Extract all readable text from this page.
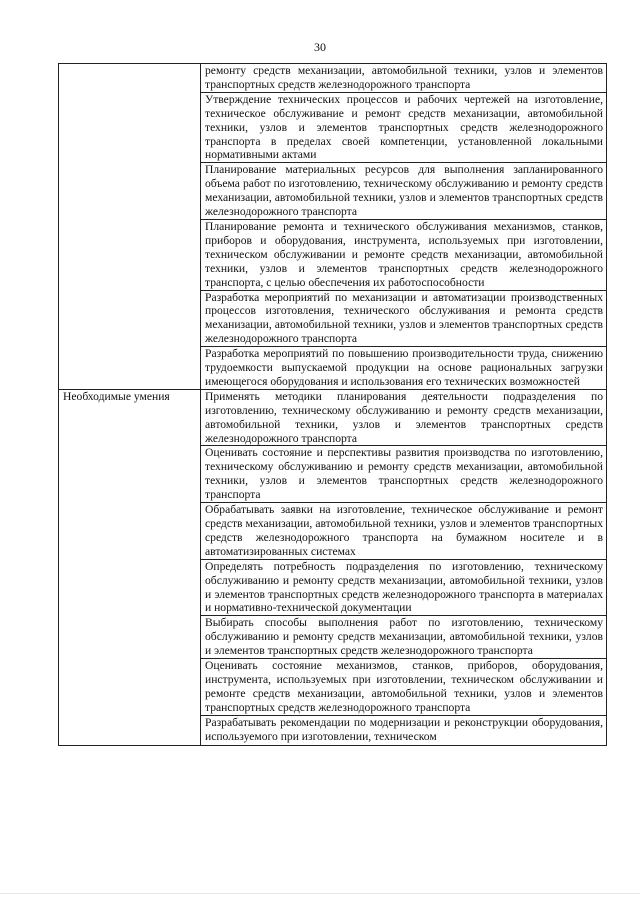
30
	ремонту средств механизации, автомобильной техники, узлов и элементов транспортных средств железнодорожного транспорта
	Утверждение технических процессов и рабочих чертежей на изготовление, техническое обслуживание и ремонт средств механизации, автомобильной техники, узлов и элементов транспортных средств железнодорожного транспорта в пределах своей компетенции, установленной локальными нормативными актами
	Планирование материальных ресурсов для выполнения запланированного объема работ по изготовлению, техническому обслуживанию и ремонту средств механизации, автомобильной техники, узлов и элементов транспортных средств железнодорожного транспорта
	Планирование ремонта и технического обслуживания механизмов, станков, приборов и оборудования, инструмента, используемых при изготовлении, техническом обслуживании и ремонте средств механизации, автомобильной техники, узлов и элементов транспортных средств железнодорожного транспорта, с целью обеспечения их работоспособности
	Разработка мероприятий по механизации и автоматизации производственных процессов изготовления, технического обслуживания и ремонта средств механизации, автомобильной техники, узлов и элементов транспортных средств железнодорожного транспорта
	Разработка мероприятий по повышению производительности труда, снижению трудоемкости выпускаемой продукции на основе рациональных загрузки имеющегося оборудования и использования его технических возможностей
Необходимые умения	Применять методики планирования деятельности подразделения по изготовлению, техническому обслуживанию и ремонту средств механизации, автомобильной техники, узлов и элементов транспортных средств железнодорожного транспорта
	Оценивать состояние и перспективы развития производства по изготовлению, техническому обслуживанию и ремонту средств механизации, автомобильной техники, узлов и элементов транспортных средств железнодорожного транспорта
	Обрабатывать заявки на изготовление, техническое обслуживание и ремонт средств механизации, автомобильной техники, узлов и элементов транспортных средств железнодорожного транспорта на бумажном носителе и в автоматизированных системах
	Определять потребность подразделения по изготовлению, техническому обслуживанию и ремонту средств механизации, автомобильной техники, узлов и элементов транспортных средств железнодорожного транспорта в материалах и нормативно-технической документации
	Выбирать способы выполнения работ по изготовлению, техническому обслуживанию и ремонту средств механизации, автомобильной техники, узлов и элементов транспортных средств железнодорожного транспорта
	Оценивать состояние механизмов, станков, приборов, оборудования, инструмента, используемых при изготовлении, техническом обслуживании и ремонте средств механизации, автомобильной техники, узлов и элементов транспортных средств железнодорожного транспорта
	Разрабатывать рекомендации по модернизации и реконструкции оборудования, используемого при изготовлении, техническом
